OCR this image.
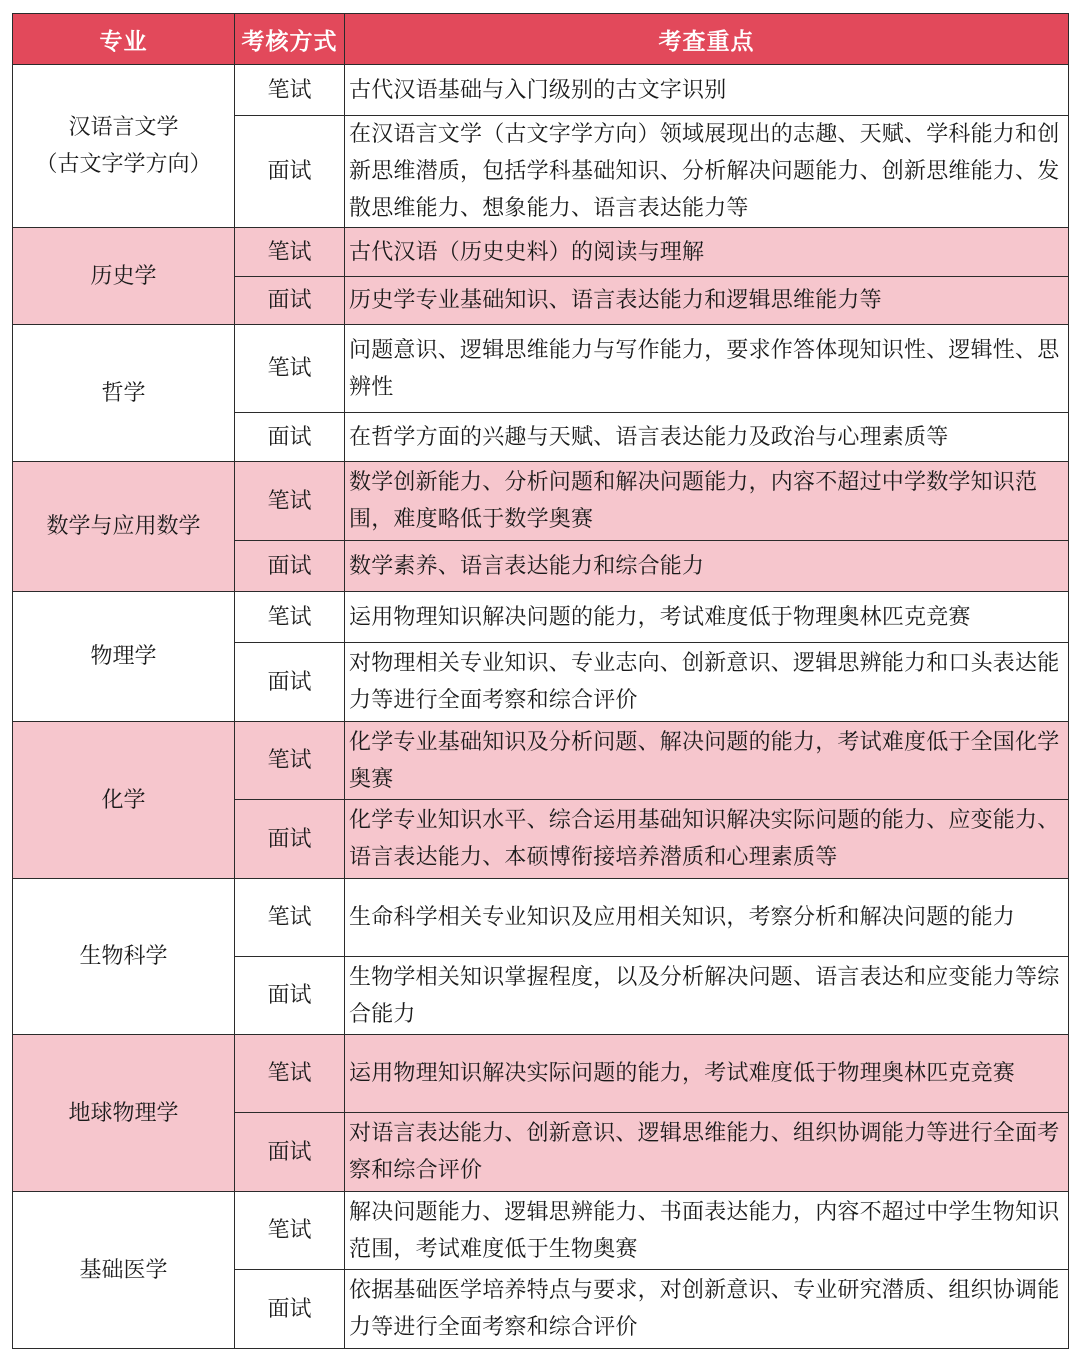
专业	考核方式	考查重点

汉语言文学
（古文字学方向）	笔试	古代汉语基础与入门级别的古文字识别
	面试	在汉语言文学（古文字学方向）领域展现出的志趣、天赋、学科能力和创新思维潜质，包括学科基础知识、分析解决问题能力、创新思维能力、发散思维能力、想象能力、语言表达能力等
历史学	笔试	古代汉语（历史史料）的阅读与理解
	面试	历史学专业基础知识、语言表达能力和逻辑思维能力等
哲学	笔试	问题意识、逻辑思维能力与写作能力，要求作答体现知识性、逻辑性、思辨性
	面试	在哲学方面的兴趣与天赋、语言表达能力及政治与心理素质等
数学与应用数学	笔试	数学创新能力、分析问题和解决问题能力，内容不超过中学数学知识范围，难度略低于数学奥赛
	面试	数学素养、语言表达能力和综合能力
物理学	笔试	运用物理知识解决问题的能力，考试难度低于物理奥林匹克竞赛
	面试	对物理相关专业知识、专业志向、创新意识、逻辑思辨能力和口头表达能力等进行全面考察和综合评价
化学	笔试	化学专业基础知识及分析问题、解决问题的能力，考试难度低于全国化学奥赛
	面试	化学专业知识水平、综合运用基础知识解决实际问题的能力、应变能力、语言表达能力、本硕博衔接培养潜质和心理素质等
生物科学	笔试	生命科学相关专业知识及应用相关知识，考察分析和解决问题的能力
	面试	生物学相关知识掌握程度，以及分析解决问题、语言表达和应变能力等综合能力
地球物理学	笔试	运用物理知识解决实际问题的能力，考试难度低于物理奥林匹克竞赛
	面试	对语言表达能力、创新意识、逻辑思维能力、组织协调能力等进行全面考察和综合评价
基础医学	笔试	解决问题能力、逻辑思辨能力、书面表达能力，内容不超过中学生物知识范围，考试难度低于生物奥赛
	面试	依据基础医学培养特点与要求，对创新意识、专业研究潜质、组织协调能力等进行全面考察和综合评价
